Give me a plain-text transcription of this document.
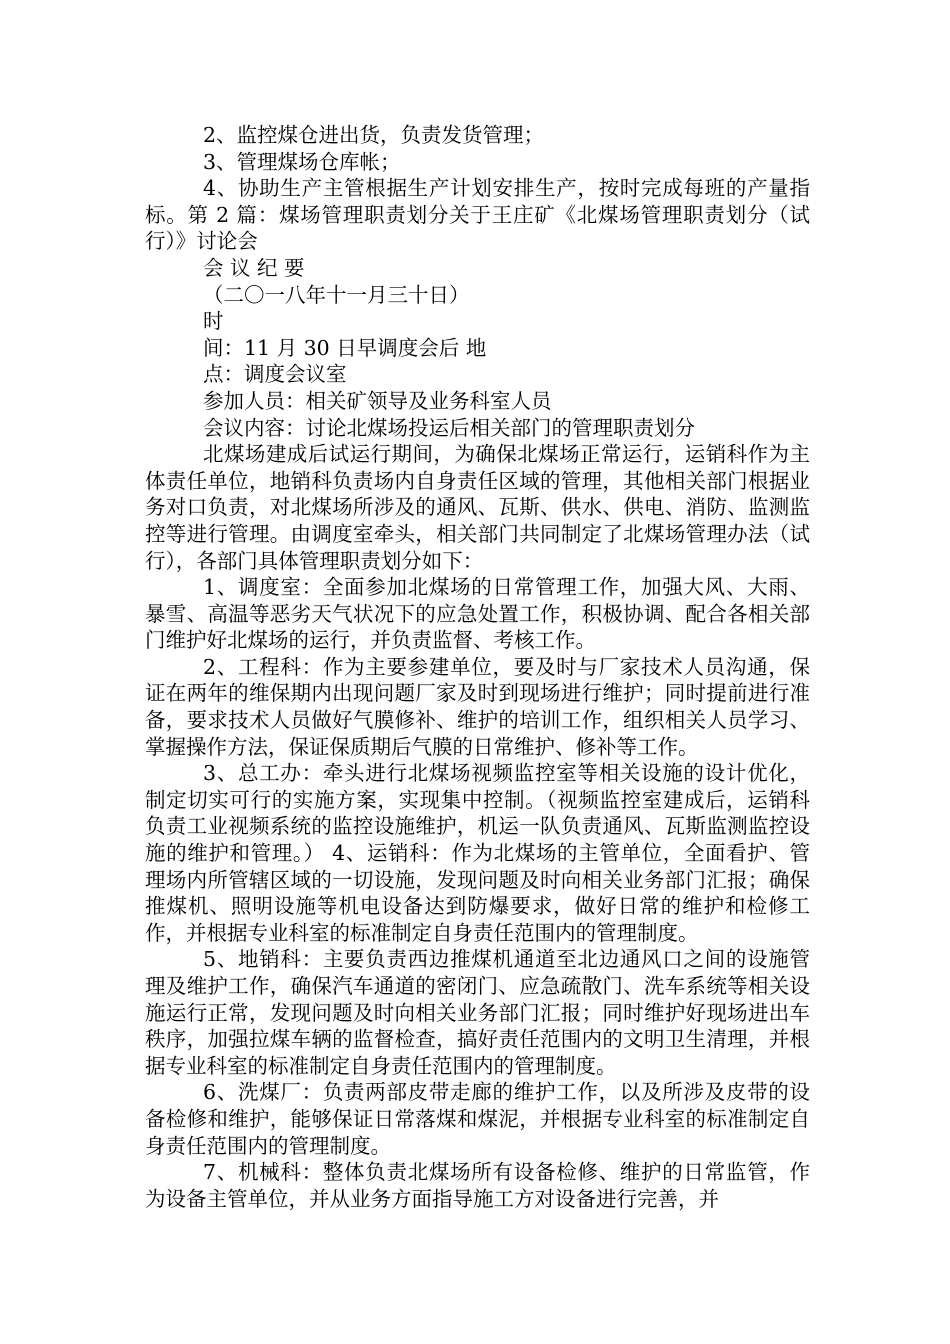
2、监控煤仓进出货，负责发货管理；

3、管理煤场仓库帐；

4、协助生产主管根据生产计划安排生产，按时完成每班的产量指标。第 2 篇：煤场管理职责划分关于王庄矿《北煤场管理职责划分（试行）》讨论会

会 议 纪 要

（二〇一八年十一月三十日）

时

间：11 月 30 日早调度会后 地

点：调度会议室

参加人员：相关矿领导及业务科室人员

会议内容：讨论北煤场投运后相关部门的管理职责划分

北煤场建成后试运行期间，为确保北煤场正常运行，运销科作为主体责任单位，地销科负责场内自身责任区域的管理，其他相关部门根据业务对口负责，对北煤场所涉及的通风、瓦斯、供水、供电、消防、监测监控等进行管理。由调度室牵头，相关部门共同制定了北煤场管理办法（试行），各部门具体管理职责划分如下：

1、调度室：全面参加北煤场的日常管理工作，加强大风、大雨、暴雪、高温等恶劣天气状况下的应急处置工作，积极协调、配合各相关部门维护好北煤场的运行，并负责监督、考核工作。

2、工程科：作为主要参建单位，要及时与厂家技术人员沟通，保证在两年的维保期内出现问题厂家及时到现场进行维护；同时提前进行准备，要求技术人员做好气膜修补、维护的培训工作，组织相关人员学习、掌握操作方法，保证保质期后气膜的日常维护、修补等工作。

3、总工办：牵头进行北煤场视频监控室等相关设施的设计优化，制定切实可行的实施方案，实现集中控制。（视频监控室建成后，运销科负责工业视频系统的监控设施维护，机运一队负责通风、瓦斯监测监控设施的维护和管理。） 4、运销科：作为北煤场的主管单位，全面看护、管理场内所管辖区域的一切设施，发现问题及时向相关业务部门汇报；确保推煤机、照明设施等机电设备达到防爆要求，做好日常的维护和检修工作，并根据专业科室的标准制定自身责任范围内的管理制度。

5、地销科：主要负责西边推煤机通道至北边通风口之间的设施管理及维护工作，确保汽车通道的密闭门、应急疏散门、洗车系统等相关设施运行正常，发现问题及时向相关业务部门汇报；同时维护好现场进出车秩序，加强拉煤车辆的监督检查，搞好责任范围内的文明卫生清理，并根据专业科室的标准制定自身责任范围内的管理制度。

6、洗煤厂：负责两部皮带走廊的维护工作，以及所涉及皮带的设备检修和维护，能够保证日常落煤和煤泥，并根据专业科室的标准制定自身责任范围内的管理制度。

7、机械科：整体负责北煤场所有设备检修、维护的日常监管，作为设备主管单位，并从业务方面指导施工方对设备进行完善，并
